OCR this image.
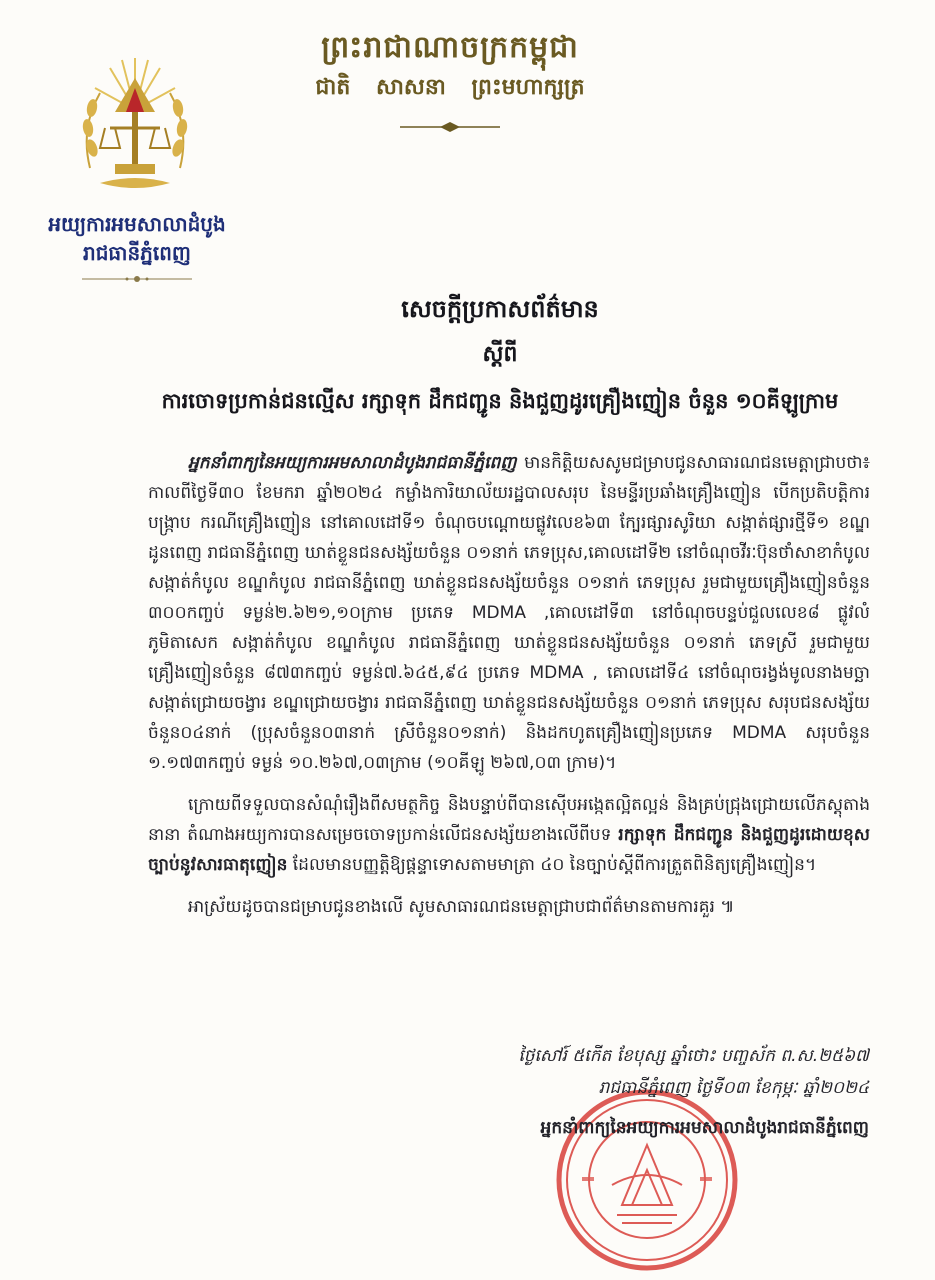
អយ្យការអមសាលាដំបូង
រាជធានីភ្នំពេញ
ព្រះរាជាណាចក្រកម្ពុជា
ជាតិ សាសនា ព្រះមហាក្សត្រ
សេចក្តីប្រកាសព័ត៌មាន
ស្តីពី
ការចោទប្រកាន់ជនល្មើស រក្សាទុក ដឹកជញ្ជូន និងជួញដូរគ្រឿងញៀន ចំនួន ១០គីឡូក្រាម

អ្នកនាំពាក្យនៃអយ្យការអមសាលាដំបូងរាជធានីភ្នំពេញ មានកិត្តិយសសូមជម្រាបជូនសាធារណជនមេត្តាជ្រាបថា៖ កាលពីថ្ងៃទី៣០ ខែមករា ឆ្នាំ២០២៤ កម្លាំងការិយាល័យរដ្ឋបាលសរុប នៃមន្ទីរប្រឆាំងគ្រឿងញៀន បើកប្រតិបត្តិការបង្ក្រាប ករណីគ្រឿងញៀន នៅគោលដៅទី១ ចំណុចបណ្តោយផ្លូវលេខ៦៣ ក្បែរផ្សារសូរិយា សង្កាត់ផ្សារថ្មីទី១ ខណ្ឌដូនពេញ រាជធានីភ្នំពេញ ឃាត់ខ្លួនជនសង្ស័យចំនួន ០១នាក់ ភេទប្រុស,គោលដៅទី២ នៅចំណុចវីរៈប៊ុនថាំសាខាកំបូល សង្កាត់កំបូល ខណ្ឌកំបូល រាជធានីភ្នំពេញ ឃាត់ខ្លួនជនសង្ស័យចំនួន ០១នាក់ ភេទប្រុស រួមជាមួយគ្រឿងញៀនចំនួន ៣០០កញ្ចប់ ទម្ងន់២.៦២១,១០ក្រាម ប្រភេទ MDMA ,គោលដៅទី៣ នៅចំណុចបន្ទប់ជួលលេខ៨ ផ្លូវលំ ភូមិតាសេក សង្កាត់កំបូល ខណ្ឌកំបូល រាជធានីភ្នំពេញ ឃាត់ខ្លួនជនសង្ស័យចំនួន ០១នាក់ ភេទស្រី រួមជាមួយគ្រឿងញៀនចំនួន ៨៧៣កញ្ចប់ ទម្ងន់៧.៦៤៥,៩៤ ប្រភេទ MDMA , គោលដៅទី៤ នៅចំណុចរង្វង់មូលនាងមច្ឆា សង្កាត់ជ្រោយចង្វារ ខណ្ឌជ្រោយចង្វារ រាជធានីភ្នំពេញ ឃាត់ខ្លួនជនសង្ស័យចំនួន ០១នាក់ ភេទប្រុស សរុបជនសង្ស័យចំនួន០៤នាក់ (ប្រុសចំនួន០៣នាក់ ស្រីចំនួន០១នាក់) និងដកហូតគ្រឿងញៀនប្រភេទ MDMA សរុបចំនួន ១.១៧៣កញ្ចប់ ទម្ងន់ ១០.២៦៧,០៣ក្រាម (១០គីឡូ ២៦៧,០៣ ក្រាម)។

ក្រោយពីទទួលបានសំណុំរឿងពីសមត្ថកិច្ច និងបន្ទាប់ពីបានស៊ើបអង្កេតល្អិតល្អន់ និងគ្រប់ជ្រុងជ្រោយលើភស្តុតាងនានា តំណាងអយ្យការបានសម្រេចចោទប្រកាន់លើជនសង្ស័យខាងលើពីបទ រក្សាទុក ដឹកជញ្ជូន និងជួញដូរដោយខុសច្បាប់នូវសារធាតុញៀន ដែលមានបញ្ញត្តិឱ្យផ្តន្ទាទោសតាមមាត្រា ៤០ នៃច្បាប់ស្តីពីការត្រួតពិនិត្យគ្រឿងញៀន។

អាស្រ័យដូចបានជម្រាបជូនខាងលើ សូមសាធារណជនមេត្តាជ្រាបជាព័ត៌មានតាមការគួរ ៕

ថ្ងៃសៅរ៍ ៥កើត ខែបុស្ស ឆ្នាំថោះ បញ្ចស័ក ព.ស.២៥៦៧
រាជធានីភ្នំពេញ ថ្ងៃទី០៣ ខែកុម្ភៈ ឆ្នាំ២០២៤
អ្នកនាំពាក្យនៃអយ្យការអមសាលាដំបូងរាជធានីភ្នំពេញ
